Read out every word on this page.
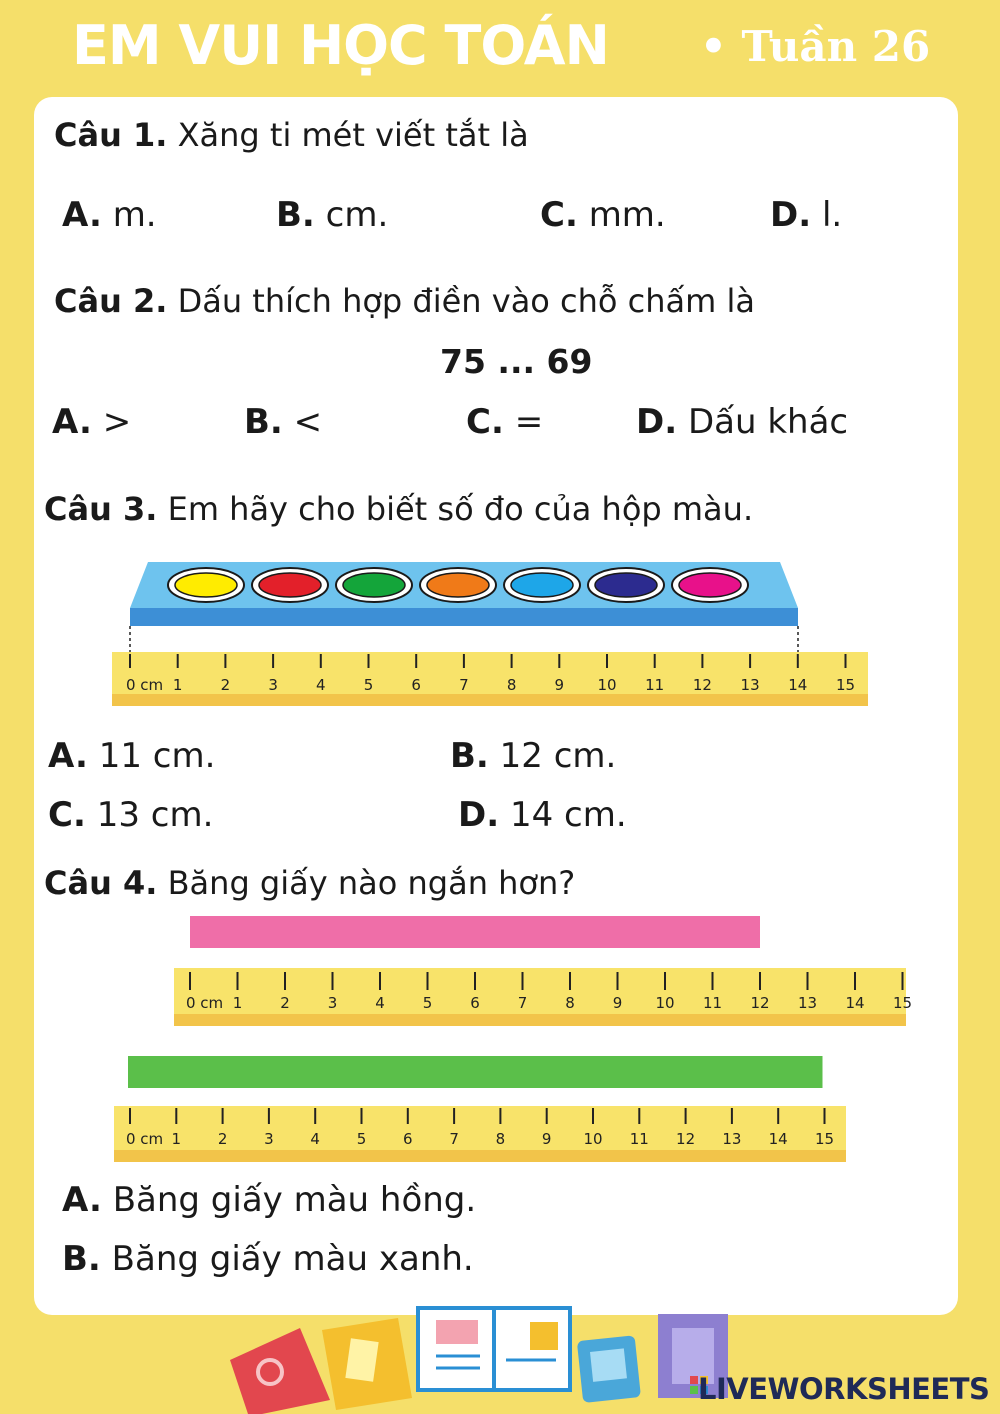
EM VUI HỌC TOÁN • Tuần 26
Câu 1. Xăng ti mét viết tắt là
A. m.	B. cm.	C. mm.	D. l.
Câu 2. Dấu thích hợp điền vào chỗ chấm là
75 ... 69
A. >	B. <	C. =	D. Dấu khác
Câu 3. Em hãy cho biết số đo của hộp màu.
0 cm 1	2	3	4	5	6	7	8	9 10 11 12 13 14 15
A. 11 cm.	B. 12 cm.
C. 13 cm.	D. 14 cm.
Câu 4. Băng giấy nào ngắn hơn?
0 cm 1	2	3	4	5	6	7	8	9 10 11 12 13 14 15
0 cm 1 2 3 4 5 6 7 8 9 10 11 12 13 14 15
A. Băng giấy màu hồng.
B. Băng giấy màu xanh.
LIVEWORKSHEETS
